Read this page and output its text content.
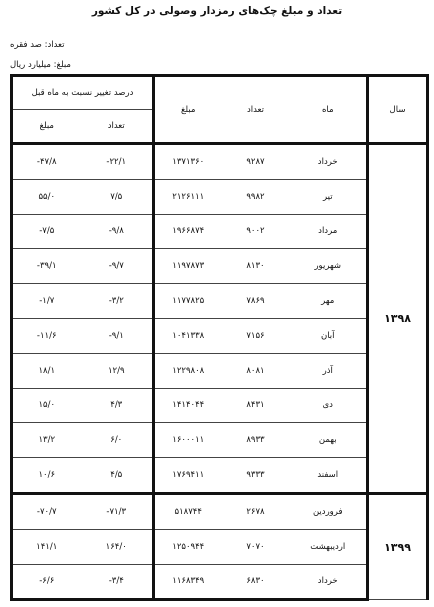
تعداد و مبلغ چک‌های رمزدار وصولی در کل کشور
تعداد: صد فقره
مبلغ: میلیارد ریال
سال	ماه	تعداد	مبلغ	درصد تغییر نسبت به ماه قبل	
				تعداد	مبلغ
۱۳۹۸	خرداد	۹۲۸۷	۱۳۷۱۳۶۰	-۲۲/۱	-۴۷/۸
	تیر	۹۹۸۲	۲۱۲۶۱۱۱	۷/۵	۵۵/۰
	مرداد	۹۰۰۲	۱۹۶۶۸۷۴	-۹/۸	-۷/۵
	شهریور	۸۱۳۰	۱۱۹۷۸۷۳	-۹/۷	-۳۹/۱
	مهر	۷۸۶۹	۱۱۷۷۸۲۵	-۳/۲	-۱/۷
	آبان	۷۱۵۶	۱۰۴۱۳۳۸	-۹/۱	-۱۱/۶
	آذر	۸۰۸۱	۱۲۲۹۸۰۸	۱۲/۹	۱۸/۱
	دی	۸۴۳۱	۱۴۱۴۰۴۴	۴/۳	۱۵/۰
	بهمن	۸۹۳۳	۱۶۰۰۰۱۱	۶/۰	۱۳/۲
	اسفند	۹۳۳۳	۱۷۶۹۴۱۱	۴/۵	۱۰/۶
۱۳۹۹	فروردین	۲۶۷۸	۵۱۸۷۴۴	-۷۱/۳	-۷۰/۷
	اردیبهشت	۷۰۷۰	۱۲۵۰۹۴۴	۱۶۴/۰	۱۴۱/۱
	خرداد	۶۸۳۰	۱۱۶۸۳۴۹	-۳/۴	-۶/۶
